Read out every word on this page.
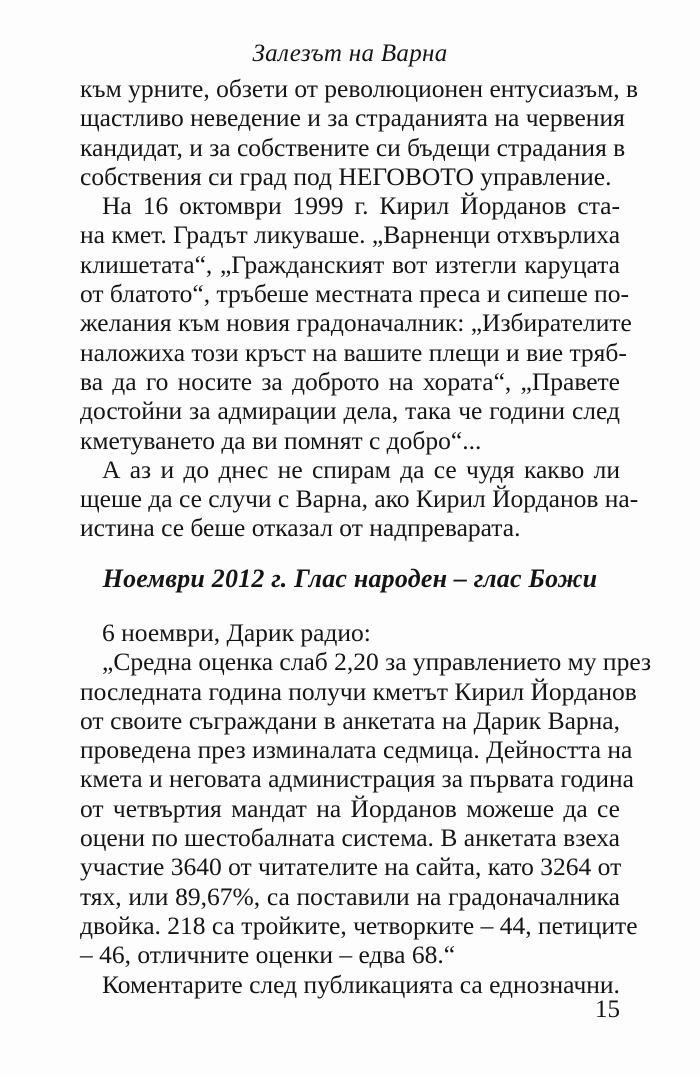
Залезът на Варна
към урните, обзети от революционен ентусиазъм, в
щастливо неведение и за страданията на червения
кандидат, и за собствените си бъдещи страдания в
собствения си град под НЕГОВОТО управление.
На 16 октомври 1999 г. Кирил Йорданов ста-
на кмет. Градът ликуваше. „Варненци отхвърлиха
клишетата“, „Гражданският вот изтегли каруцата
от блатото“, тръбеше местната преса и сипеше по-
желания към новия градоначалник: „Избирателите
наложиха този кръст на вашите плещи и вие тряб-
ва да го носите за доброто на хората“, „Правете
достойни за адмирации дела, така че години след
кметуването да ви помнят с добро“...
А аз и до днес не спирам да се чудя какво ли
щеше да се случи с Варна, ако Кирил Йорданов на-
истина се беше отказал от надпреварата.
Ноември 2012 г. Глас народен – глас Божи
6 ноември, Дарик радио:
„Средна оценка слаб 2,20 за управлението му през
последната година получи кметът Кирил Йорданов
от своите съграждани в анкетата на Дарик Варна,
проведена през изминалата седмица. Дейността на
кмета и неговата администрация за първата година
от четвъртия мандат на Йорданов можеше да се
оцени по шестобалната система. В анкетата взеха
участие 3640 от читателите на сайта, като 3264 от
тях, или 89,67%, са поставили на градоначалника
двойка. 218 са тройките, четворките – 44, петиците
– 46, отличните оценки – едва 68.“
Коментарите след публикацията са еднозначни.
15
